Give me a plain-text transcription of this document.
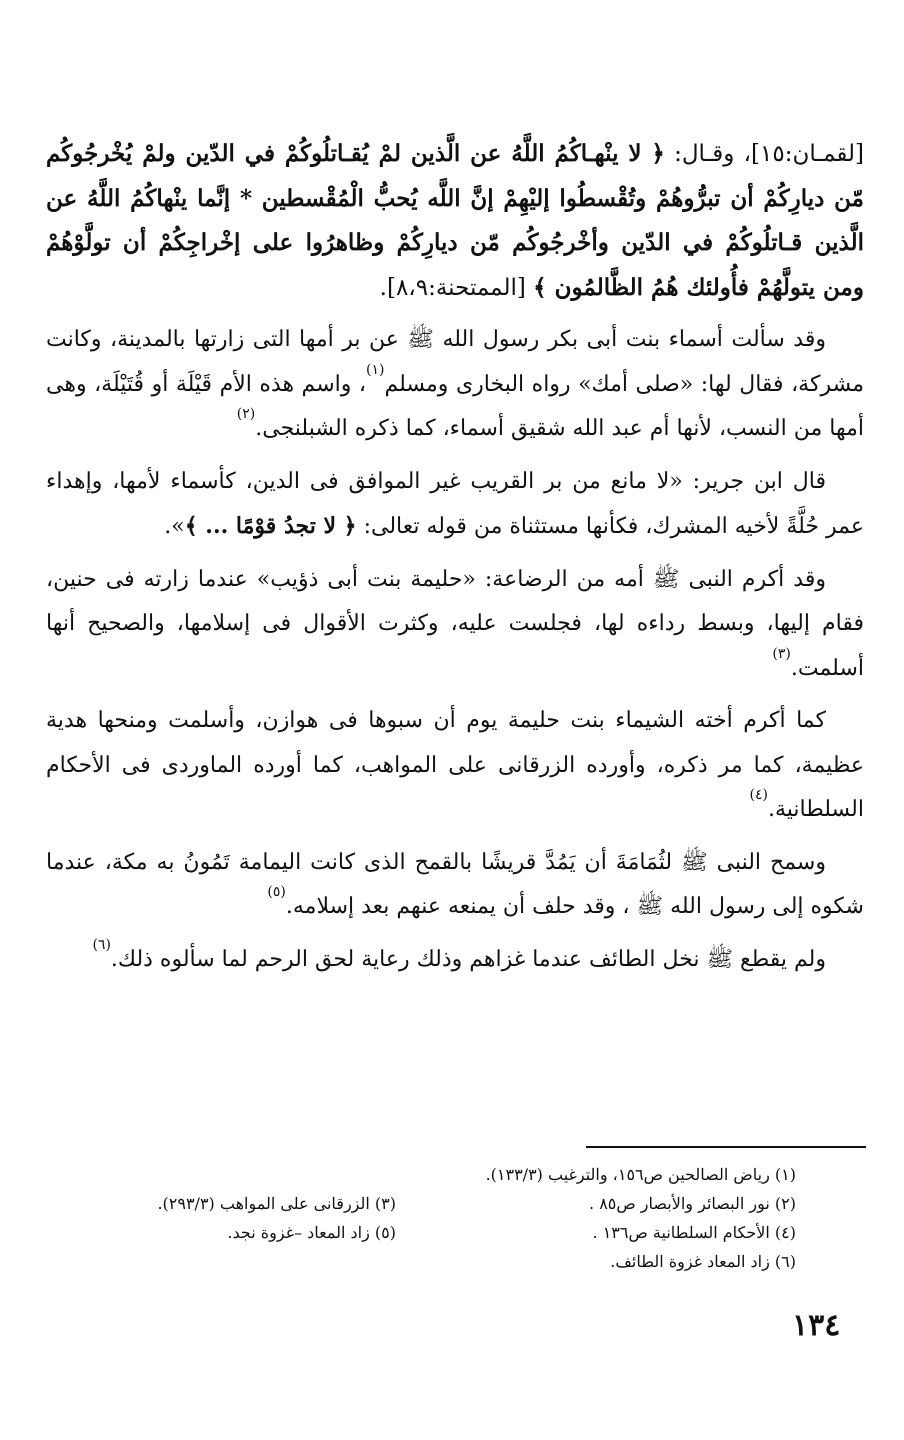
[لقمـان:١٥]، وقـال: ﴿ لا ينْهـاكُمُ اللَّهُ عن الَّذين لمْ يُقـاتلُوكُمْ في الدّين ولمْ يُخْرجُوكُم مّن ديارِكُمْ أن تبرُّوهُمْ وتُقْسطُوا إليْهِمْ إنَّ اللَّه يُحبُّ الْمُقْسطين * إنَّما ينْهاكُمُ اللَّهُ عن الَّذين قـاتلُوكُمْ في الدّين وأخْرجُوكُم مّن ديارِكُمْ وظاهرُوا على إخْراجِكُمْ أن تولَّوْهُمْ ومن يتولَّهُمْ فأُولئك هُمُ الظَّالمُون ﴾ [الممتحنة:٨،٩].

وقد سألت أسماء بنت أبى بكر رسول الله ﷺ عن بر أمها التى زارتها بالمدينة، وكانت مشركة، فقال لها: «صلى أمك» رواه البخارى ومسلم$^{(١)}$، واسم هذه الأم قَيْلَة أو قُتَيْلَة، وهى أمها من النسب، لأنها أم عبد الله شقيق أسماء، كما ذكره الشبلنجى.$^{(٢)}$

قال ابن جرير: «لا مانع من بر القريب غير الموافق فى الدين، كأسماء لأمها، وإهداء عمر حُلَّةً لأخيه المشرك، فكأنها مستثناة من قوله تعالى: ﴿ لا تجدُ قوْمًا ... ﴾».

وقد أكرم النبى ﷺ أمه من الرضاعة: «حليمة بنت أبى ذؤيب» عندما زارته فى حنين، فقام إليها، وبسط رداءه لها، فجلست عليه، وكثرت الأقوال فى إسلامها، والصحيح أنها أسلمت.$^{(٣)}$

كما أكرم أخته الشيماء بنت حليمة يوم أن سبوها فى هوازن، وأسلمت ومنحها هدية عظيمة، كما مر ذكره، وأورده الزرقانى على المواهب، كما أورده الماوردى فى الأحكام السلطانية.$^{(٤)}$

وسمح النبى ﷺ لثُمَامَةَ أن يَمُدَّ قريشًا بالقمح الذى كانت اليمامة تَمُونُ به مكة، عندما شكوه إلى رسول الله ﷺ ، وقد حلف أن يمنعه عنهم بعد إسلامه.$^{(٥)}$

ولم يقطع ﷺ نخل الطائف عندما غزاهم وذلك رعاية لحق الرحم لما سألوه ذلك.$^{(٦)}$

(١) رياض الصالحين ص١٥٦، والترغيب (١٣٣/٣).
(٢) نور البصائر والأبصار ص٨٥ .
(٣) الزرقانى على المواهب (٢٩٣/٣).
(٤) الأحكام السلطانية ص١٣٦ .
(٥) زاد المعاد –غزوة نجد.
(٦) زاد المعاد غزوة الطائف.
١٣٤
